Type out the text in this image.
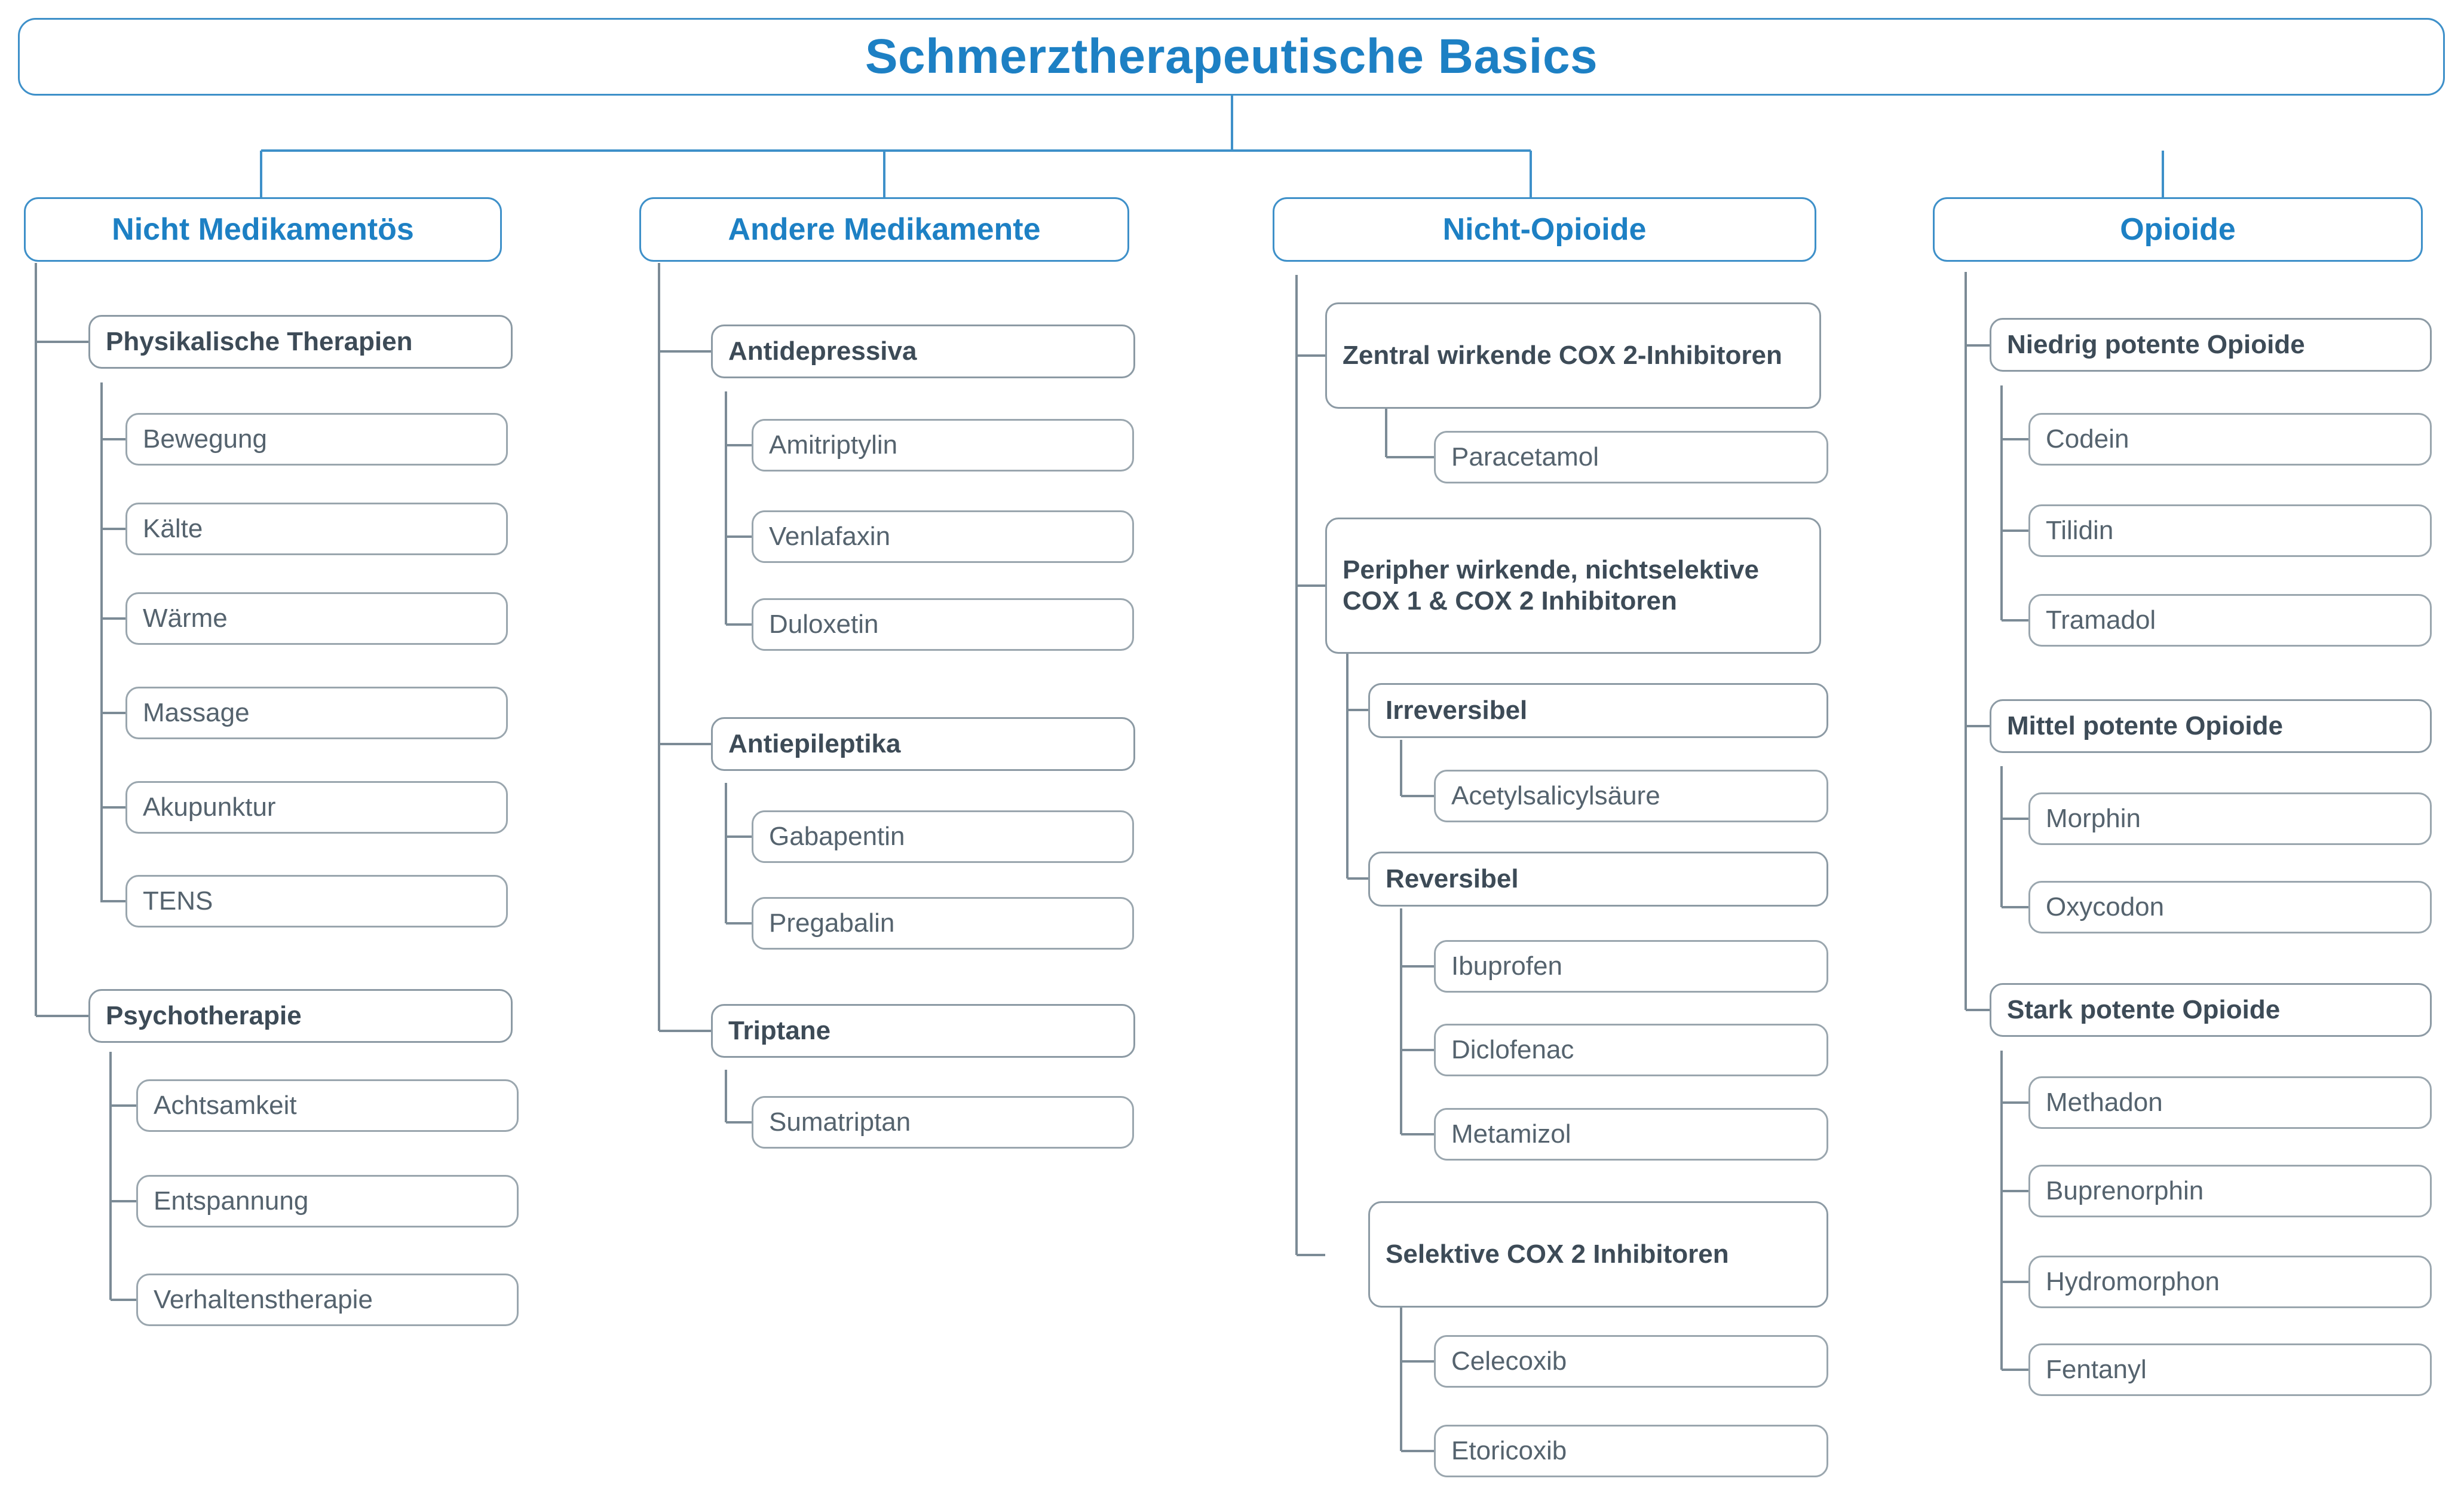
Schmerztherapeutische Basics
Nicht Medikamentös	Andere Medikamente	Nicht-Opioide	Opioide
Physikalische Therapien
Bewegung
Kälte
Wärme
Massage
Akupunktur
TENS
Psychotherapie
Achtsamkeit
Entspannung
Verhaltenstherapie
Antidepressiva
Amitriptylin
Venlafaxin
Duloxetin
Antiepileptika
Gabapentin
Pregabalin
Triptane
Sumatriptan
Zentral wirkende COX 2-Inhibitoren
Paracetamol
Peripher wirkende, nichtselektive COX 1 & COX 2 Inhibitoren
Irreversibel
Acetylsalicylsäure
Reversibel
Ibuprofen
Diclofenac
Metamizol
Selektive COX 2 Inhibitoren
Celecoxib
Etoricoxib
Niedrig potente Opioide
Codein
Tilidin
Tramadol
Mittel potente Opioide
Morphin
Oxycodon
Stark potente Opioide
Methadon
Buprenorphin
Hydromorphon
Fentanyl
